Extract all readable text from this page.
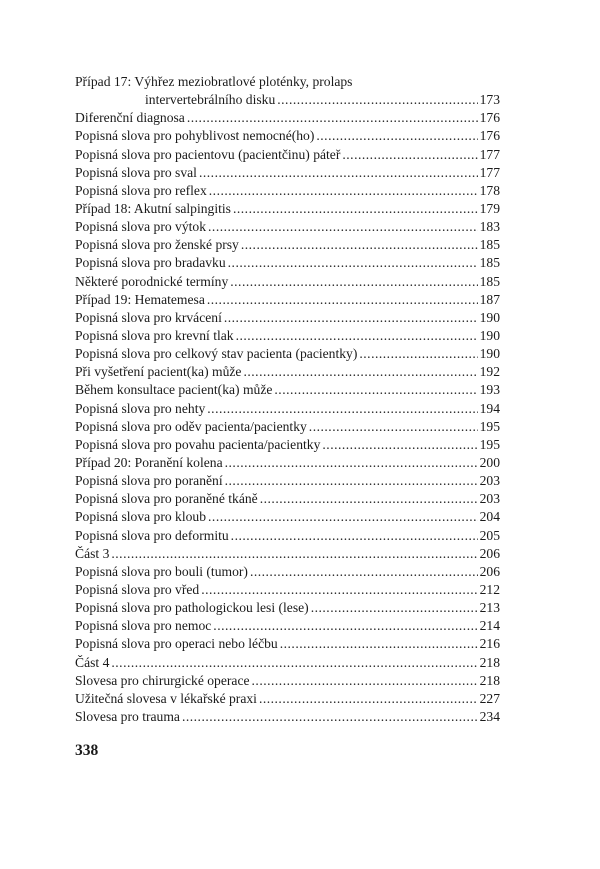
Případ 17: Výhřez meziobratlové ploténky, prolaps
intervertebrálního disku .....	173
Diferenční diagnosa .....	176
Popisná slova pro pohyblivost nemocné(ho) .....	176
Popisná slova pro pacientovu (pacientčinu) páteř .....	177
Popisná slova pro sval .....	177
Popisná slova pro reflex .....	178
Případ 18: Akutní salpingitis .....	179
Popisná slova pro výtok .....	183
Popisná slova pro ženské prsy .....	185
Popisná slova pro bradavku .....	185
Některé porodnické termíny .....	185
Případ 19: Hematemesa .....	187
Popisná slova pro krvácení .....	190
Popisná slova pro krevní tlak .....	190
Popisná slova pro celkový stav pacienta (pacientky) .....	190
Při vyšetření pacient(ka) může .....	192
Během konsultace pacient(ka) může .....	193
Popisná slova pro nehty .....	194
Popisná slova pro oděv pacienta/pacientky .....	195
Popisná slova pro povahu pacienta/pacientky .....	195
Případ 20: Poranění kolena .....	200
Popisná slova pro poranění .....	203
Popisná slova pro poraněné tkáně .....	203
Popisná slova pro kloub .....	204
Popisná slova pro deformitu .....	205
Část 3 .....	206
Popisná slova pro bouli (tumor) .....	206
Popisná slova pro vřed .....	212
Popisná slova pro pathologickou lesi (lese) .....	213
Popisná slova pro nemoc .....	214
Popisná slova pro operaci nebo léčbu .....	216
Část 4 .....	218
Slovesa pro chirurgické operace .....	218
Užitečná slovesa v lékařské praxi .....	227
Slovesa pro trauma .....	234
338
